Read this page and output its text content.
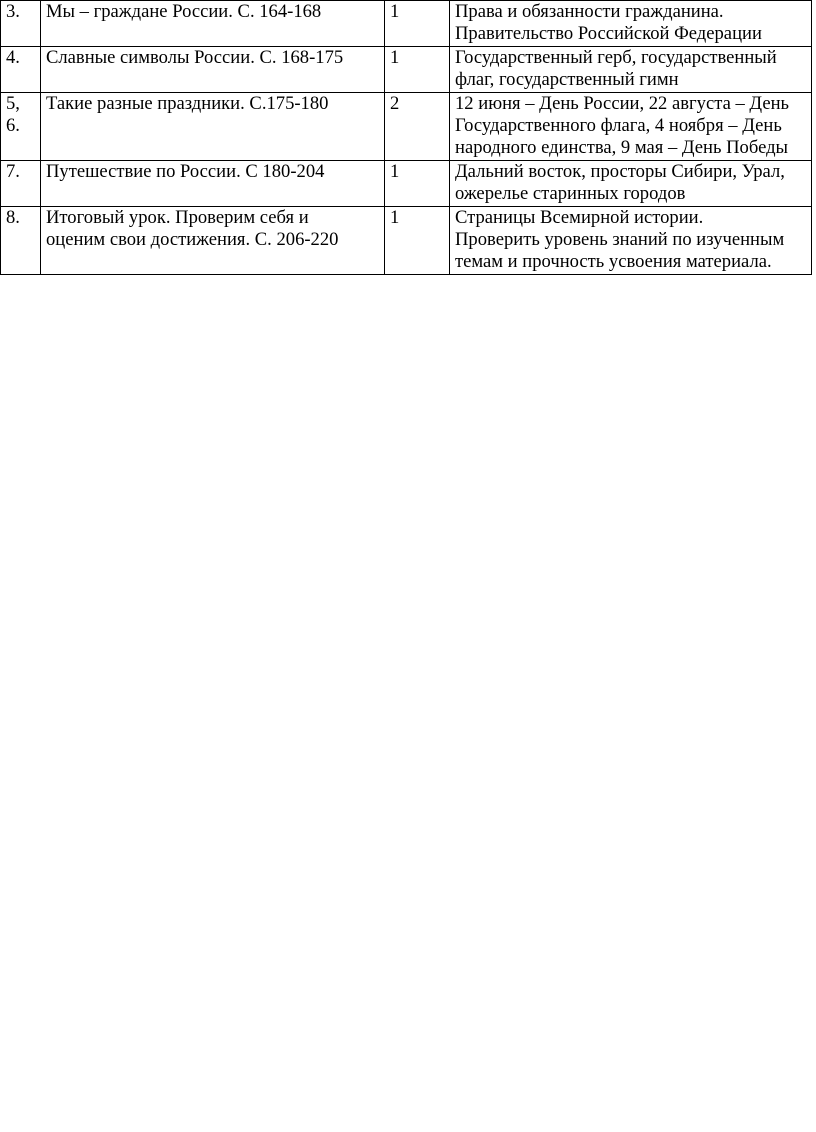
3.	Мы – граждане России. С. 164-168	1	Права и обязанности гражданина.
Правительство Российской Федерации

4.	Славные символы России. С. 168-175	1	Государственный герб, государственный
флаг, государственный гимн

5,
6.	Такие разные праздники. С.175-180	2	12 июня – День России, 22 августа – День
Государственного флага, 4 ноября – День
народного единства, 9 мая – День Победы

7.	Путешествие по России. С 180-204	1	Дальний восток, просторы Сибири, Урал,
ожерелье старинных городов

8.	Итоговый урок. Проверим себя и
оценим свои достижения. С. 206-220	1	Страницы Всемирной истории.
Проверить уровень знаний по изученным
темам и прочность усвоения материала.
